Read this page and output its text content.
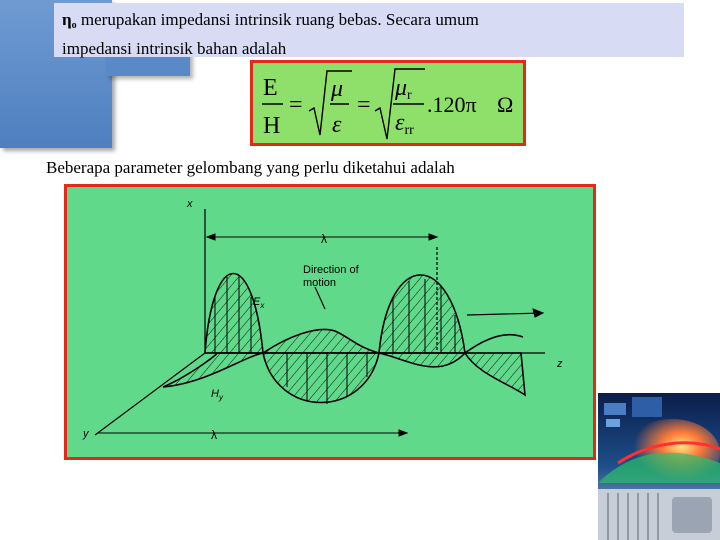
ηo merupakan impedansi intrinsik ruang bebas. Secara umum
impedansi intrinsik bahan adalah
E
H
=
μ
ε
=
μr
εrr
.120π Ω
Beberapa parameter gelombang yang perlu diketahui adalah
x
y
z
λ
λ
Direction of
motion
$E_x$
$H_y$
